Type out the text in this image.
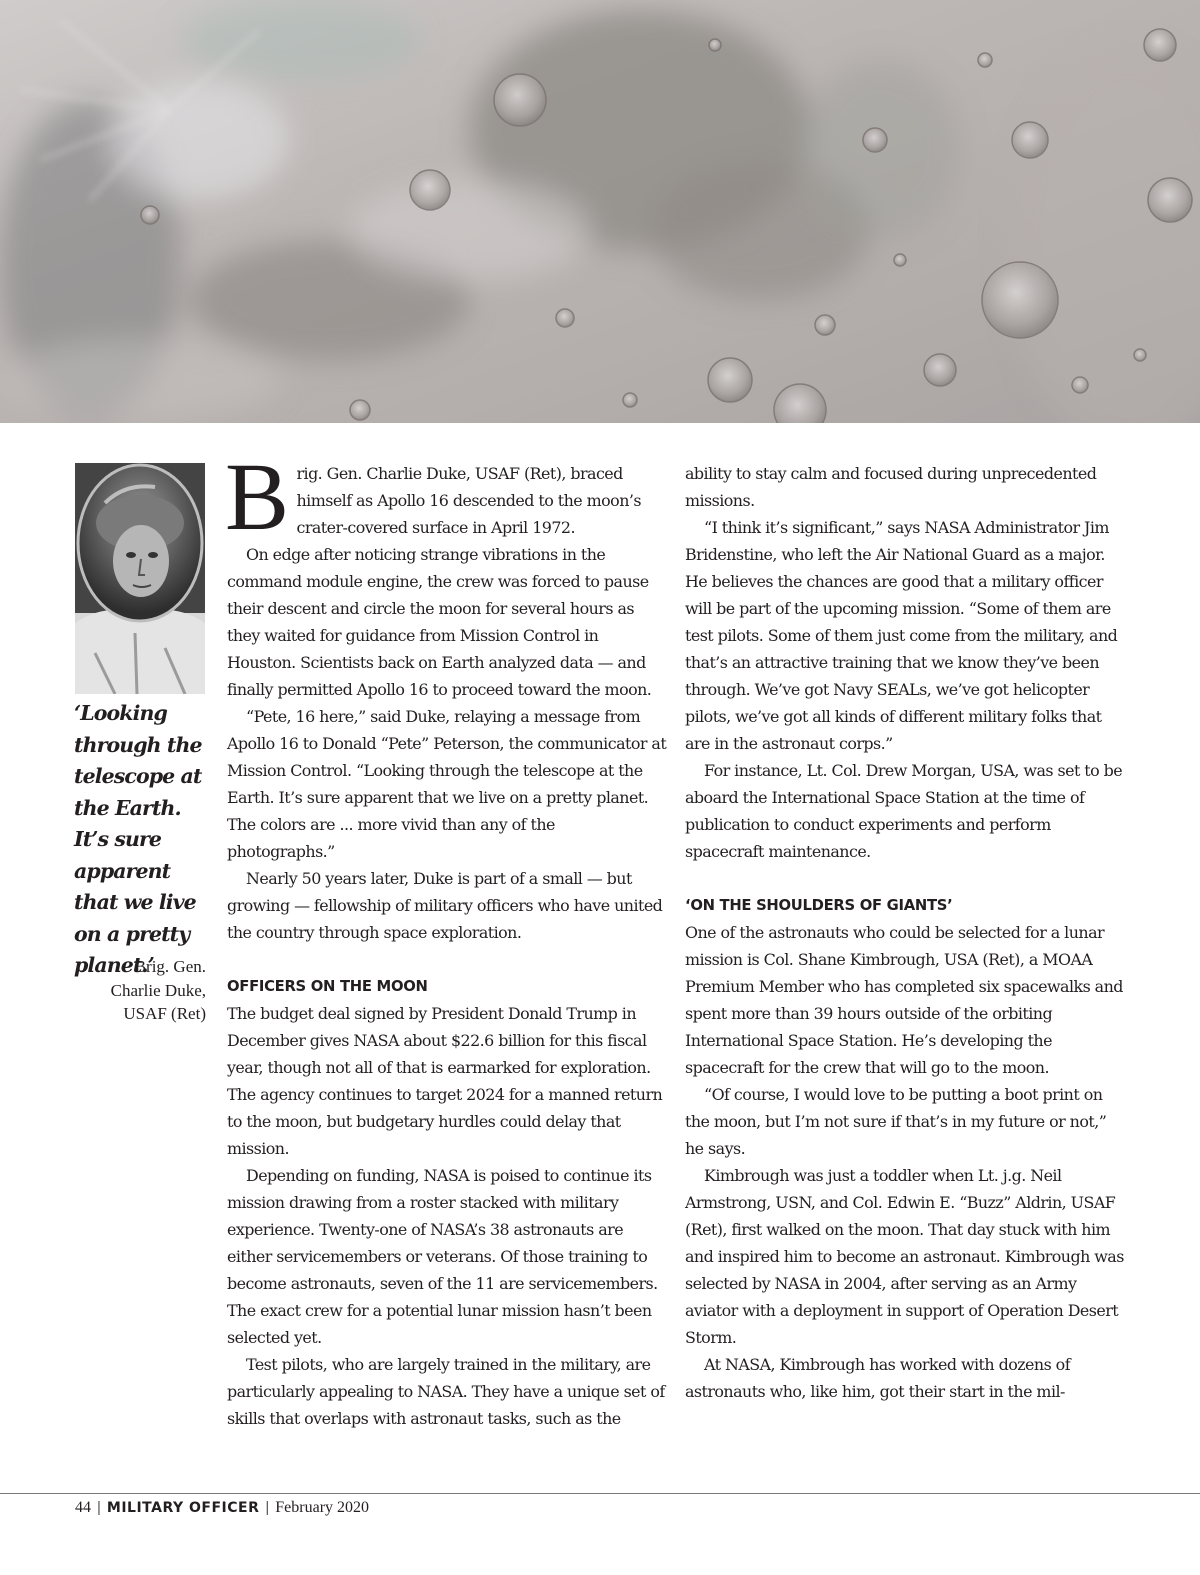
‘Looking through the telescope at the Earth. It’s sure apparent that we live on a pretty planet.’
Brig. Gen.
Charlie Duke,
USAF (Ret)

Brig. Gen. Charlie Duke, USAF (Ret), braced himself as Apollo 16 descended to the moon’s crater-covered surface in April 1972.

On edge after noticing strange vibrations in the command module engine, the crew was forced to pause their descent and circle the moon for several hours as they waited for guidance from Mission Control in Houston. Scientists back on Earth analyzed data — and finally permitted Apollo 16 to proceed toward the moon.

“Pete, 16 here,” said Duke, relaying a message from Apollo 16 to Donald “Pete” Peterson, the communicator at Mission Control. “Looking through the telescope at the Earth. It’s sure apparent that we live on a pretty planet. The colors are ... more vivid than any of the photographs.”

Nearly 50 years later, Duke is part of a small — but growing — fellowship of military officers who have united the country through space exploration.

OFFICERS ON THE MOON

The budget deal signed by President Donald Trump in December gives NASA about $22.6 billion for this fiscal year, though not all of that is earmarked for exploration. The agency continues to target 2024 for a manned return to the moon, but budgetary hurdles could delay that mission.

Depending on funding, NASA is poised to continue its mission drawing from a roster stacked with military experience. Twenty-one of NASA’s 38 astronauts are either servicemembers or veterans. Of those training to become astronauts, seven of the 11 are servicemembers. The exact crew for a potential lunar mission hasn’t been selected yet.

Test pilots, who are largely trained in the military, are particularly appealing to NASA. They have a unique set of skills that overlaps with astronaut tasks, such as the

ability to stay calm and focused during unprecedented missions.

“I think it’s significant,” says NASA Administrator Jim Bridenstine, who left the Air National Guard as a major. He believes the chances are good that a military officer will be part of the upcoming mission. “Some of them are test pilots. Some of them just come from the military, and that’s an attractive training that we know they’ve been through. We’ve got Navy SEALs, we’ve got helicopter pilots, we’ve got all kinds of different military folks that are in the astronaut corps.”

For instance, Lt. Col. Drew Morgan, USA, was set to be aboard the International Space Station at the time of publication to conduct experiments and perform spacecraft maintenance.

‘ON THE SHOULDERS OF GIANTS’

One of the astronauts who could be selected for a lunar mission is Col. Shane Kimbrough, USA (Ret), a MOAA Premium Member who has completed six spacewalks and spent more than 39 hours outside of the orbiting International Space Station. He’s developing the spacecraft for the crew that will go to the moon.

“Of course, I would love to be putting a boot print on the moon, but I’m not sure if that’s in my future or not,” he says.

Kimbrough was just a toddler when Lt. j.g. Neil Armstrong, USN, and Col. Edwin E. “Buzz” Aldrin, USAF (Ret), first walked on the moon. That day stuck with him and inspired him to become an astronaut. Kimbrough was selected by NASA in 2004, after serving as an Army aviator with a deployment in support of Operation Desert Storm.

At NASA, Kimbrough has worked with dozens of astronauts who, like him, got their start in the mil-

44 | MILITARY OFFICER | February 2020
